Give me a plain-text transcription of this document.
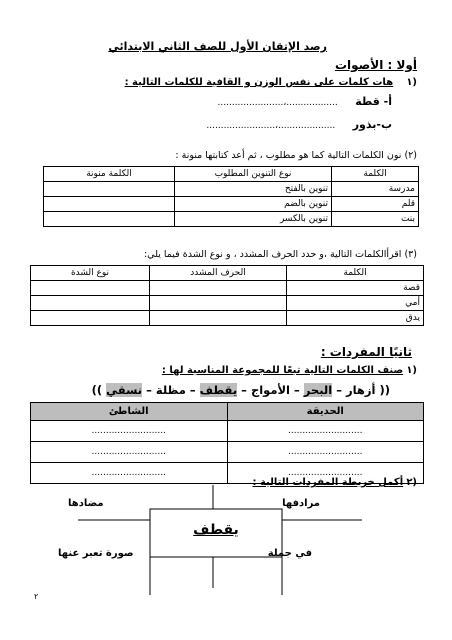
رصد الإتقان الأول للصف الثاني الابتدائي
أولا : الأصوات
(١ هات كلمات على نفس الوزن و القافية للكلمات التالية :
أ- قطة ..................،.......................
ب-بذور ....................،........................
(٢) نون الكلمات التالية كما هو مطلوب ، ثم أعد كتابتها منونة :
الكلمة	نوع التنوين المطلوب	الكلمة منونة
مدرسة	تنوين بالفتح	
قلم	تنوين بالضم	
بنت	تنوين بالكسر	
(٣) اقرأالكلمات التالية ،و حدد الحرف المشدد ، و نوع الشدة فيما يلي:
الكلمة	الحرف المشدد	نوع الشدة
قصة		
أمي		
يدق		
ثانيًا المفردات :
(١ صنف الكلمات التالية تبعًا للمجموعة المناسبة لها :
(( أزهار – البحر – الأمواج – يقطف – مظلة – نسقي ))
الحديقة	الشاطئ
..........................	..........................
..........................	..........................
..........................	..........................
(٢ أكمل خريطة المفردات التالية :
يقطف
مرادفها
مضادها
في جملة
صورة تعبر عنها
٢
